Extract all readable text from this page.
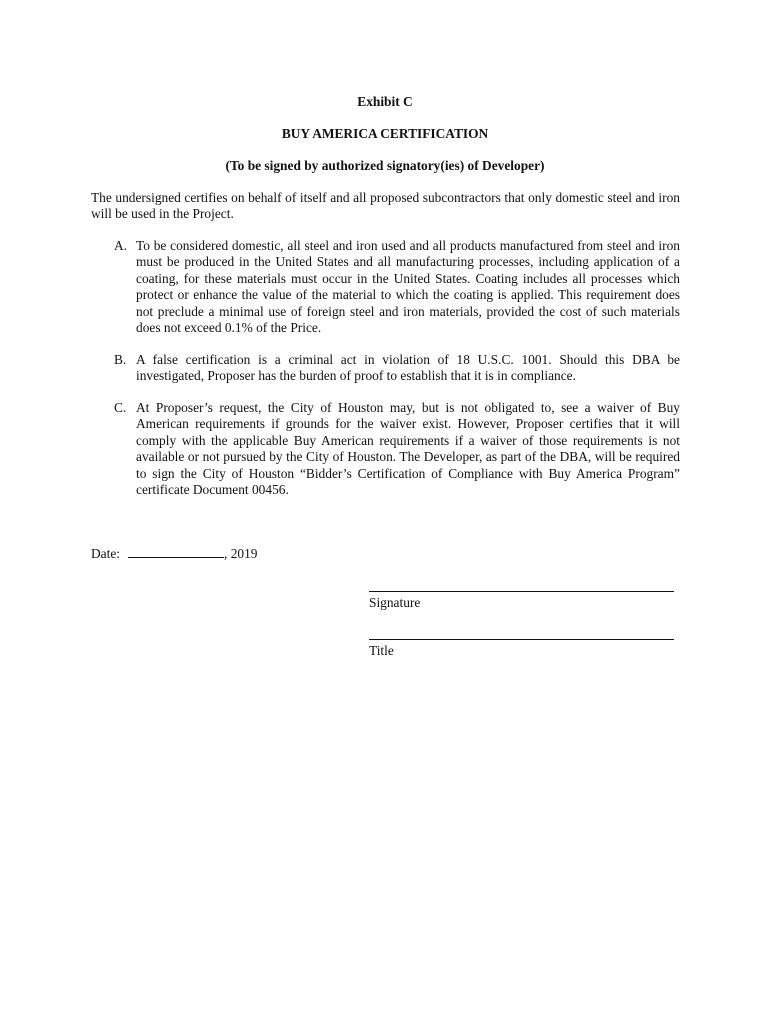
Exhibit C

BUY AMERICA CERTIFICATION

(To be signed by authorized signatory(ies) of Developer)

The undersigned certifies on behalf of itself and all proposed subcontractors that only domestic steel and iron will be used in the Project.

A. To be considered domestic, all steel and iron used and all products manufactured from steel and iron must be produced in the United States and all manufacturing processes, including application of a coating, for these materials must occur in the United States. Coating includes all processes which protect or enhance the value of the material to which the coating is applied. This requirement does not preclude a minimal use of foreign steel and iron materials, provided the cost of such materials does not exceed 0.1% of the Price.
B. A false certification is a criminal act in violation of 18 U.S.C. 1001. Should this DBA be investigated, Proposer has the burden of proof to establish that it is in compliance.
C. At Proposer’s request, the City of Houston may, but is not obligated to, see a waiver of Buy American requirements if grounds for the waiver exist. However, Proposer certifies that it will comply with the applicable Buy American requirements if a waiver of those requirements is not available or not pursued by the City of Houston. The Developer, as part of the DBA, will be required to sign the City of Houston “Bidder’s Certification of Compliance with Buy America Program” certificate Document 00456.
Date:	, 2019
Signature
Title
